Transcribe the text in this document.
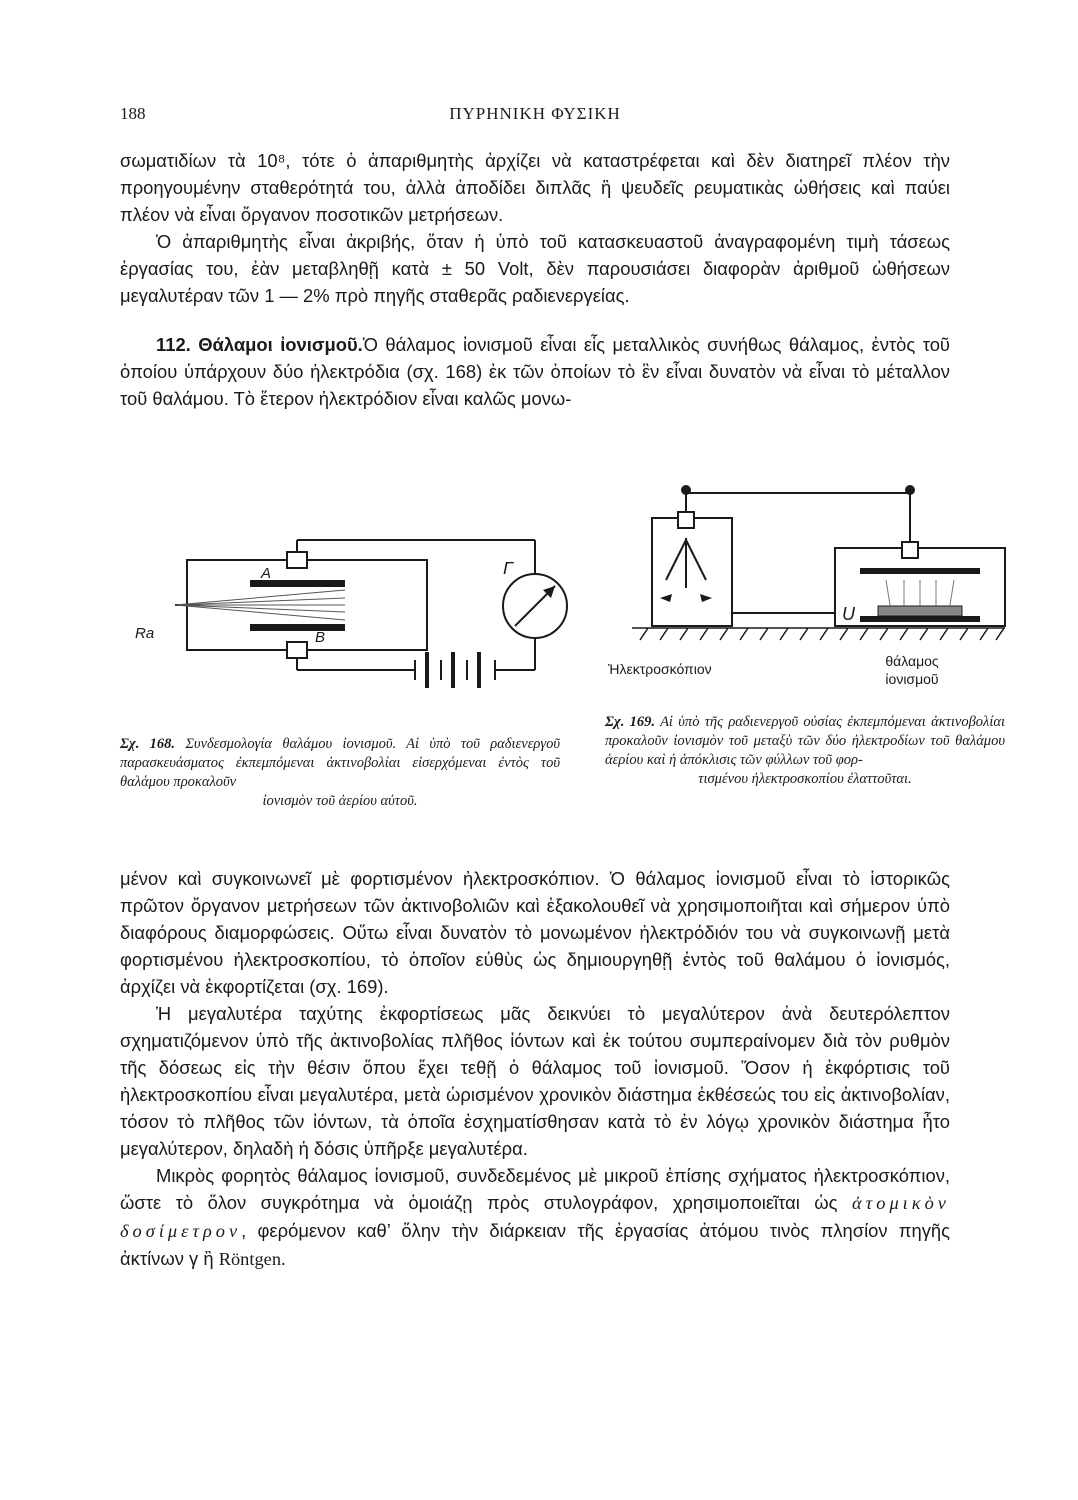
188	ΠΥΡΗΝΙΚΗ ΦΥΣΙΚΗ

σωματιδίων τὰ 10⁸, τότε ὁ ἀπαριθμητὴς ἀρχίζει νὰ καταστρέφεται καὶ δὲν διατηρεῖ πλέον τὴν προηγουμένην σταθερότητά του, ἀλλὰ ἀποδίδει διπλᾶς ἢ ψευδεῖς ρευματικὰς ὠθήσεις καὶ παύει πλέον νὰ εἶναι ὄργανον ποσοτικῶν μετρήσεων.

Ὁ ἀπαριθμητὴς εἶναι ἀκριβής, ὅταν ἡ ὑπὸ τοῦ κατασκευαστοῦ ἀναγραφομένη τιμὴ τάσεως ἐργασίας του, ἐὰν μεταβληθῇ κατὰ ± 50 Volt, δὲν παρουσιάσει διαφορὰν ἀριθμοῦ ὠθήσεων μεγαλυτέραν τῶν 1 — 2% πρὸ πηγῆς σταθερᾶς ραδιενεργείας.

112. Θάλαμοι ἰονισμοῦ.Ὁ θάλαμος ἰονισμοῦ εἶναι εἷς μεταλλικὸς συνήθως θάλαμος, ἐντὸς τοῦ ὁποίου ὑπάρχουν δύο ἠλεκτρόδια (σχ. 168) ἐκ τῶν ὁποίων τὸ ἓν εἶναι δυνατὸν νὰ εἶναι τὸ μέταλλον τοῦ θαλάμου. Τὸ ἕτερον ἠλεκτρόδιον εἶναι καλῶς μονω-

Ra
A
B
Γ
Σχ. 168. Συνδεσμολογία θαλάμου ἰονισμοῦ. Αἱ ὑπὸ τοῦ ραδιενεργοῦ παρασκευάσματος ἐκπεμπόμεναι ἀκτινοβολίαι εἰσερχόμεναι ἐντὸς τοῦ θαλάμου προκαλοῦν
ἰονισμὸν τοῦ ἀερίου αὐτοῦ.
U
Ἠλεκτροσκόπιον	θάλαμος
ἰονισμοῦ
Σχ. 169. Αἱ ὑπὸ τῆς ραδιενεργοῦ οὐσίας ἐκπεμπόμεναι ἀκτινοβολίαι προκαλοῦν ἰονισμὸν τοῦ μεταξὺ τῶν δύο ἠλεκτροδίων τοῦ θαλάμου ἀερίου καὶ ἡ ἀπόκλισις τῶν φύλλων τοῦ φορ-
τισμένου ἠλεκτροσκοπίου ἐλαττοῦται.

μένον καὶ συγκοινωνεῖ μὲ φορτισμένον ἠλεκτροσκόπιον. Ὁ θάλαμος ἰονισμοῦ εἶναι τὸ ἱστορικῶς πρῶτον ὄργανον μετρήσεων τῶν ἀκτινοβολιῶν καὶ ἐξακολουθεῖ νὰ χρησιμοποιῆται καὶ σήμερον ὑπὸ διαφόρους διαμορφώσεις. Οὕτω εἶναι δυνατὸν τὸ μονωμένον ἠλεκτρόδιόν του νὰ συγκοινωνῇ μετὰ φορτισμένου ἠλεκτροσκοπίου, τὸ ὁποῖον εὐθὺς ὡς δημιουργηθῇ ἐντὸς τοῦ θαλάμου ὁ ἰονισμός, ἀρχίζει νὰ ἐκφορτίζεται (σχ. 169).

Ἡ μεγαλυτέρα ταχύτης ἐκφορτίσεως μᾶς δεικνύει τὸ μεγαλύτερον ἀνὰ δευτερόλεπτον σχηματιζόμενον ὑπὸ τῆς ἀκτινοβολίας πλῆθος ἰόντων καὶ ἐκ τούτου συμπεραίνομεν διὰ τὸν ρυθμὸν τῆς δόσεως εἰς τὴν θέσιν ὅπου ἔχει τεθῇ ὁ θάλαμος τοῦ ἰονισμοῦ. Ὅσον ἡ ἐκφόρτισις τοῦ ἠλεκτροσκοπίου εἶναι μεγαλυτέρα, μετὰ ὡρισμένον χρονικὸν διάστημα ἐκθέσεώς του εἰς ἀκτινοβολίαν, τόσον τὸ πλῆθος τῶν ἰόντων, τὰ ὁποῖα ἐσχηματίσθησαν κατὰ τὸ ἐν λόγῳ χρονικὸν διάστημα ἦτο μεγαλύτερον, δηλαδὴ ἡ δόσις ὑπῆρξε μεγαλυτέρα.

Μικρὸς φορητὸς θάλαμος ἰονισμοῦ, συνδεδεμένος μὲ μικροῦ ἐπίσης σχήματος ἠλεκτροσκόπιον, ὥστε τὸ ὅλον συγκρότημα νὰ ὁμοιάζῃ πρὸς στυλογράφον, χρησιμοποιεῖται ὡς ἀτομικὸν δοσίμετρον, φερόμενον καθ’ ὅλην τὴν διάρκειαν τῆς ἐργασίας ἀτόμου τινὸς πλησίον πηγῆς ἀκτίνων γ ἢ Röntgen.
